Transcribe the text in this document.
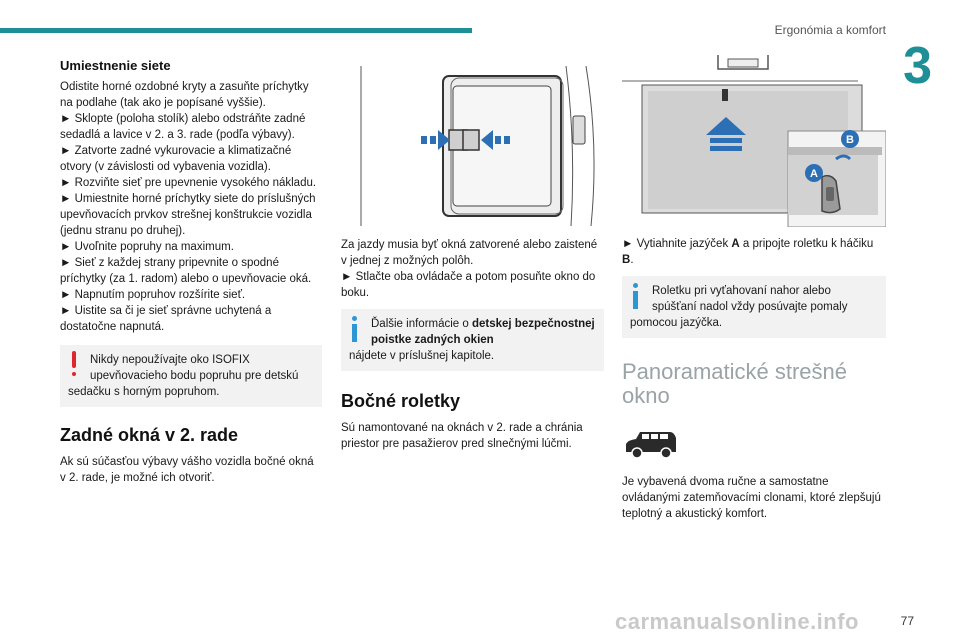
Ergonómia a komfort
3
Umiestnenie siete

Odistite horné ozdobné kryty a zasuňte príchytky na podlahe (tak ako je popísané vyššie).

► Sklopte (poloha stolík) alebo odstráňte zadné sedadlá a lavice v 2. a 3. rade (podľa výbavy).

► Zatvorte zadné vykurovacie a klimatizačné otvory (v závislosti od vybavenia vozidla).

► Rozviňte sieť pre upevnenie vysokého nákladu.

► Umiestnite horné príchytky siete do príslušných upevňovacích prvkov strešnej konštrukcie vozidla (jednu stranu po druhej).

► Uvoľnite popruhy na maximum.

► Sieť z každej strany pripevnite o spodné príchytky (za 1. radom) alebo o upevňovacie oká.

► Napnutím popruhov rozšírite sieť.

► Uistite sa či je sieť správne uchytená a dostatočne napnutá.

Nikdy nepoužívajte oko ISOFIX
upevňovacieho bodu popruhu pre detskú
sedačku s horným popruhom.
Zadné okná v 2. rade

Ak sú súčasťou výbavy vášho vozidla bočné okná v 2. rade, je možné ich otvoriť.

Za jazdy musia byť okná zatvorené alebo zaistené v jednej z možných polôh.

► Stlačte oba ovládače a potom posuňte okno do boku.

Ďalšie informácie o detskej bezpečnostnej poistke zadných okien
nájdete v príslušnej kapitole.
Bočné roletky

Sú namontované na oknách v 2. rade a chránia priestor pre pasažierov pred slnečnými lúčmi.

B
A

► Vytiahnite jazýček A a pripojte roletku k háčiku B.

Roletku pri vyťahovaní nahor alebo
spúšťaní nadol vždy posúvajte pomaly
pomocou jazýčka.
Panoramatické strešné
okno

Je vybavená dvoma ručne a samostatne ovládanými zatemňovacími clonami, ktoré zlepšujú teplotný a akustický komfort.

carmanualsonline.info	77
